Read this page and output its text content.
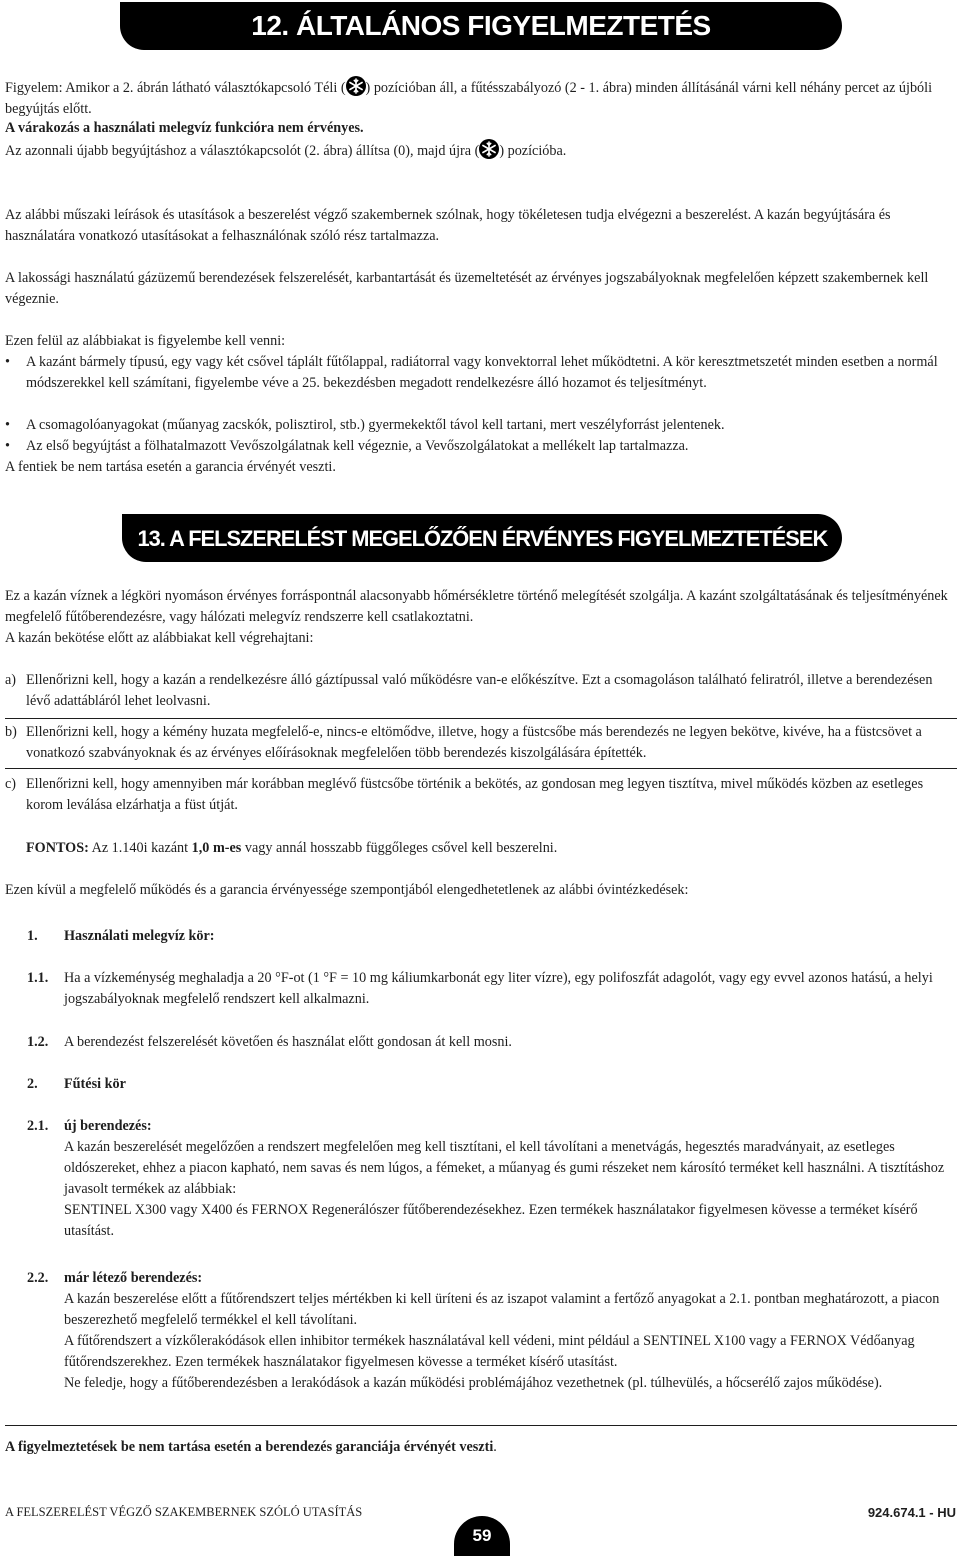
12. ÁLTALÁNOS FIGYELMEZTETÉS
Figyelem: Amikor a 2. ábrán látható választókapcsoló Téli ( ) pozícióban áll, a fűtésszabályozó (2 - 1. ábra) minden állításánál várni kell néhány percet az újbóli begyújtás előtt.
A várakozás a használati melegvíz funkcióra nem érvényes.
Az azonnali újabb begyújtáshoz a választókapcsolót (2. ábra) állítsa (0), majd újra ( ) pozícióba.
Az alábbi műszaki leírások és utasítások a beszerelést végző szakembernek szólnak, hogy tökéletesen tudja elvégezni a beszerelést. A kazán begyújtására és használatára vonatkozó utasításokat a felhasználónak szóló rész tartalmazza.
A lakossági használatú gázüzemű berendezések felszerelését, karbantartását és üzemeltetését az érvényes jogszabályoknak megfelelően képzett szakembernek kell végeznie.
Ezen felül az alábbiakat is figyelembe kell venni:
• A kazánt bármely típusú, egy vagy két csővel táplált fűtőlappal, radiátorral vagy konvektorral lehet működtetni. A kör keresztmetszetét minden esetben a normál módszerekkel kell számítani, figyelembe véve a 25. bekezdésben megadott rendelkezésre álló hozamot és teljesítményt.
• A csomagolóanyagokat (műanyag zacskók, polisztirol, stb.) gyermekektől távol kell tartani, mert veszélyforrást jelentenek.
• Az első begyújtást a fölhatalmazott Vevőszolgálatnak kell végeznie, a Vevőszolgálatokat a mellékelt lap tartalmazza.
A fentiek be nem tartása esetén a garancia érvényét veszti.
13. A FELSZERELÉST MEGELŐZŐEN ÉRVÉNYES FIGYELMEZTETÉSEK
Ez a kazán víznek a légköri nyomáson érvényes forráspontnál alacsonyabb hőmérsékletre történő melegítését szolgálja. A kazánt szolgáltatásának és teljesítményének megfelelő fűtőberendezésre, vagy hálózati melegvíz rendszerre kell csatlakoztatni.
A kazán bekötése előtt az alábbiakat kell végrehajtani:
a) Ellenőrizni kell, hogy a kazán a rendelkezésre álló gáztípussal való működésre van-e előkészítve. Ezt a csomagoláson található feliratról, illetve a berendezésen lévő adattábláról lehet leolvasni.
b) Ellenőrizni kell, hogy a kémény huzata megfelelő-e, nincs-e eltömődve, illetve, hogy a füstcsőbe más berendezés ne legyen bekötve, kivéve, ha a füstcsövet a vonatkozó szabványoknak és az érvényes előírásoknak megfelelően több berendezés kiszolgálására építették.
c) Ellenőrizni kell, hogy amennyiben már korábban meglévő füstcsőbe történik a bekötés, az gondosan meg legyen tisztítva, mivel működés közben az esetleges korom leválása elzárhatja a füst útját.
FONTOS: Az 1.140i kazánt 1,0 m-es vagy annál hosszabb függőleges csővel kell beszerelni.
Ezen kívül a megfelelő működés és a garancia érvényessége szempontjából elengedhetetlenek az alábbi óvintézkedések:
1. Használati melegvíz kör:
1.1. Ha a vízkeménység meghaladja a 20 °F-ot (1 °F = 10 mg káliumkarbonát egy liter vízre), egy polifoszfát adagolót, vagy egy evvel azonos hatású, a helyi jogszabályoknak megfelelő rendszert kell alkalmazni.
1.2. A berendezést felszerelését követően és használat előtt gondosan át kell mosni.
2. Fűtési kör
2.1. új berendezés:
A kazán beszerelését megelőzően a rendszert megfelelően meg kell tisztítani, el kell távolítani a menetvágás, hegesztés maradványait, az esetleges oldószereket, ehhez a piacon kapható, nem savas és nem lúgos, a fémeket, a műanyag és gumi részeket nem károsító terméket kell használni. A tisztításhoz javasolt termékek az alábbiak:
SENTINEL X300 vagy X400 és FERNOX Regenerálószer fűtőberendezésekhez. Ezen termékek használatakor figyelmesen kövesse a terméket kísérő utasítást.
2.2. már létező berendezés:
A kazán beszerelése előtt a fűtőrendszert teljes mértékben ki kell üríteni és az iszapot valamint a fertőző anyagokat a 2.1. pontban meghatározott, a piacon beszerezhető megfelelő termékkel el kell távolítani.
A fűtőrendszert a vízkőlerakódások ellen inhibitor termékek használatával kell védeni, mint például a SENTINEL X100 vagy a FERNOX Védőanyag fűtőrendszerekhez. Ezen termékek használatakor figyelmesen kövesse a terméket kísérő utasítást.
Ne feledje, hogy a fűtőberendezésben a lerakódások a kazán működési problémájához vezethetnek (pl. túlhevülés, a hőcserélő zajos működése).
A figyelmeztetések be nem tartása esetén a berendezés garanciája érvényét veszti.
A FELSZERELÉST VÉGZŐ SZAKEMBERNEK SZÓLÓ UTASÍTÁS
59
924.674.1 - HU
